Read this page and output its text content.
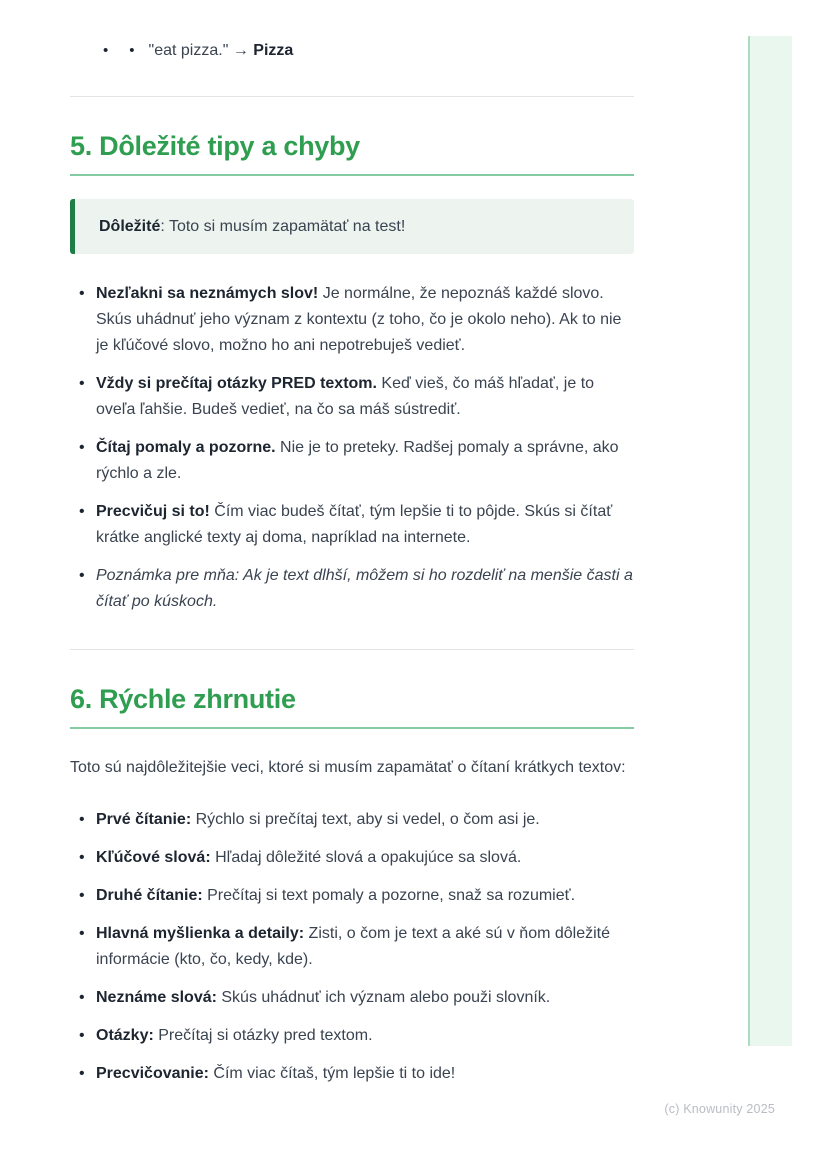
• • "eat pizza." → Pizza
5. Dôležité tipy a chyby
Dôležité: Toto si musím zapamätať na test!
• Nezľakni sa neznámych slov! Je normálne, že nepoznáš každé slovo. Skús uhádnuť jeho význam z kontextu (z toho, čo je okolo neho). Ak to nie je kľúčové slovo, možno ho ani nepotrebuješ vedieť.
• Vždy si prečítaj otázky PRED textom. Keď vieš, čo máš hľadať, je to oveľa ľahšie. Budeš vedieť, na čo sa máš sústrediť.
• Čítaj pomaly a pozorne. Nie je to preteky. Radšej pomaly a správne, ako rýchlo a zle.
• Precvičuj si to! Čím viac budeš čítať, tým lepšie ti to pôjde. Skús si čítať krátke anglické texty aj doma, napríklad na internete.
• Poznámka pre mňa: Ak je text dlhší, môžem si ho rozdeliť na menšie časti a čítať po kúskoch.
6. Rýchle zhrnutie

Toto sú najdôležitejšie veci, ktoré si musím zapamätať o čítaní krátkych textov:

• Prvé čítanie: Rýchlo si prečítaj text, aby si vedel, o čom asi je.
• Kľúčové slová: Hľadaj dôležité slová a opakujúce sa slová.
• Druhé čítanie: Prečítaj si text pomaly a pozorne, snaž sa rozumieť.
• Hlavná myšlienka a detaily: Zisti, o čom je text a aké sú v ňom dôležité informácie (kto, čo, kedy, kde).
• Neznáme slová: Skús uhádnuť ich význam alebo použi slovník.
• Otázky: Prečítaj si otázky pred textom.
• Precvičovanie: Čím viac čítaš, tým lepšie ti to ide!
(c) Knowunity 2025
